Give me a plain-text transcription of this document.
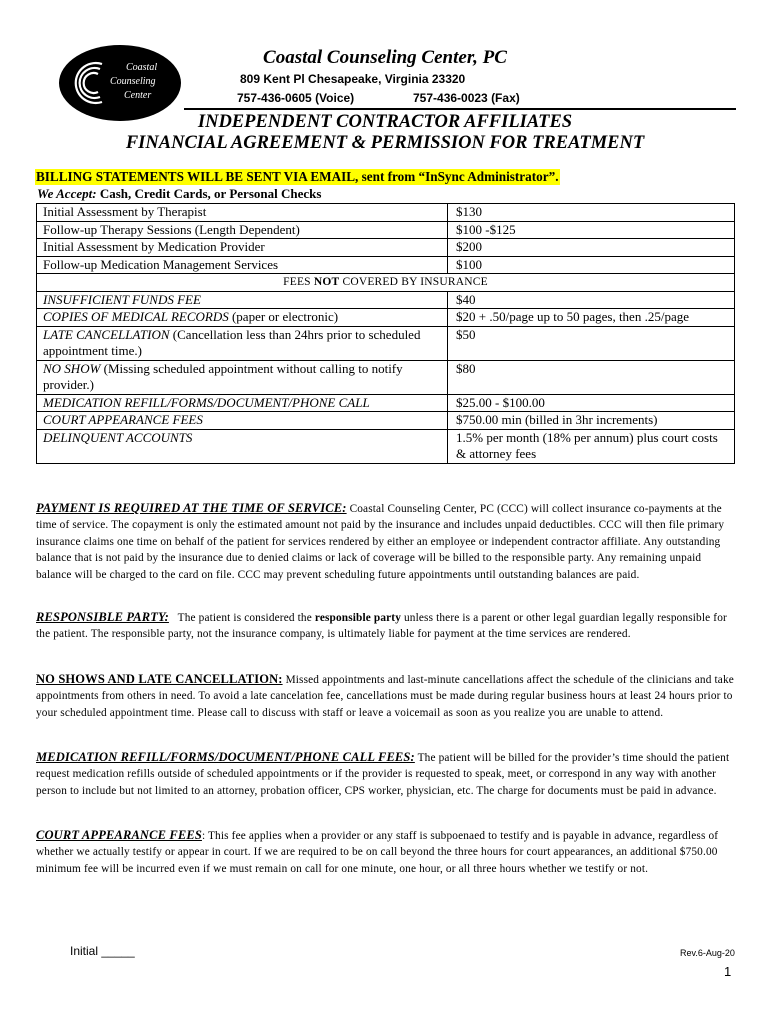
Coastal
Counseling
Center
Coastal Counseling Center, PC
809 Kent Pl Chesapeake, Virginia 23320
757-436-0605 (Voice)	757-436-0023 (Fax)
INDEPENDENT CONTRACTOR AFFILIATES
FINANCIAL AGREEMENT & PERMISSION FOR TREATMENT
BILLING STATEMENTS WILL BE SENT VIA EMAIL, sent from “InSync Administrator”.
We Accept: Cash, Credit Cards, or Personal Checks
Initial Assessment by Therapist	$130
Follow-up Therapy Sessions (Length Dependent)	$100 -$125
Initial Assessment by Medication Provider	$200
Follow-up Medication Management Services	$100
FEES NOT COVERED BY INSURANCE	
INSUFFICIENT FUNDS FEE	$40
COPIES OF MEDICAL RECORDS (paper or electronic)	$20 + .50/page up to 50 pages, then .25/page
LATE CANCELLATION (Cancellation less than 24hrs prior to scheduled appointment time.)	$50
NO SHOW (Missing scheduled appointment without calling to notify provider.)	$80
MEDICATION REFILL/FORMS/DOCUMENT/PHONE CALL	$25.00 - $100.00
COURT APPEARANCE FEES	$750.00 min (billed in 3hr increments)
DELINQUENT ACCOUNTS	1.5% per month (18% per annum) plus court costs & attorney fees
PAYMENT IS REQUIRED AT THE TIME OF SERVICE: Coastal Counseling Center, PC (CCC) will collect insurance co-payments at the time of service. The copayment is only the estimated amount not paid by the insurance and includes unpaid deductibles. CCC will then file primary insurance claims one time on behalf of the patient for services rendered by either an employee or independent contractor affiliate. Any outstanding balance that is not paid by the insurance due to denied claims or lack of coverage will be billed to the responsible party. Any remaining unpaid balance will be charged to the card on file. CCC may prevent scheduling future appointments until outstanding balances are paid.
RESPONSIBLE PARTY:   The patient is considered the responsible party unless there is a parent or other legal guardian legally responsible for the patient. The responsible party, not the insurance company, is ultimately liable for payment at the time services are rendered.
NO SHOWS AND LATE CANCELLATION: Missed appointments and last-minute cancellations affect the schedule of the clinicians and take appointments from others in need. To avoid a late cancelation fee, cancellations must be made during regular business hours at least 24 hours prior to your scheduled appointment time. Please call to discuss with staff or leave a voicemail as soon as you realize you are unable to attend.
MEDICATION REFILL/FORMS/DOCUMENT/PHONE CALL FEES: The patient will be billed for the provider’s time should the patient request medication refills outside of scheduled appointments or if the provider is requested to speak, meet, or correspond in any way with another person to include but not limited to an attorney, probation officer, CPS worker, physician, etc. The charge for documents must be paid in advance.
COURT APPEARANCE FEES: This fee applies when a provider or any staff is subpoenaed to testify and is payable in advance, regardless of whether we actually testify or appear in court. If we are required to be on call beyond the three hours for court appearances, an additional $750.00 minimum fee will be incurred even if we must remain on call for one minute, one hour, or all three hours whether we testify or not.
Initial _____	Rev.6-Aug-20
1
